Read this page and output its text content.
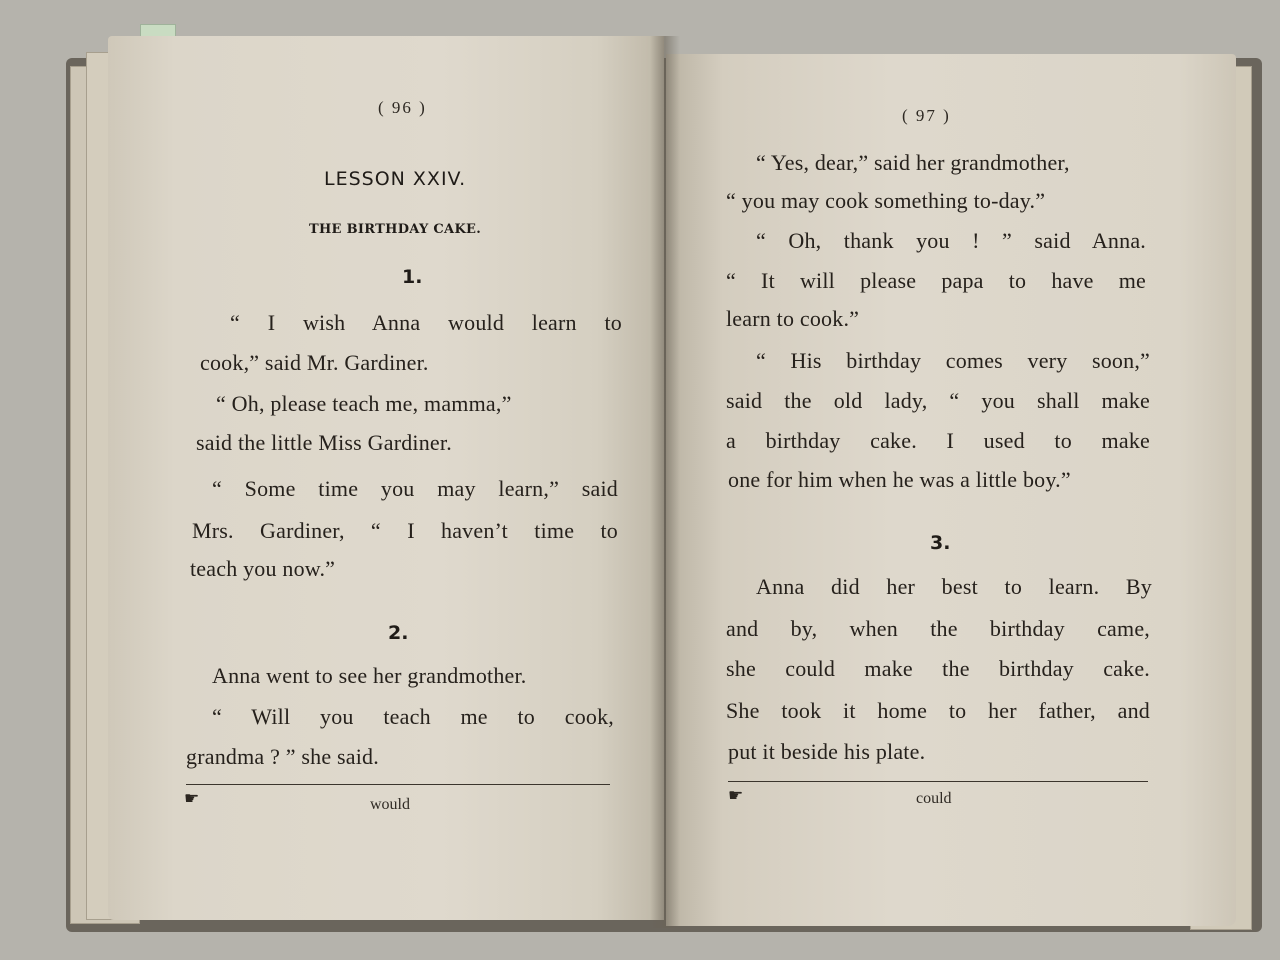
( 96 )
LESSON XXIV.
THE BIRTHDAY CAKE.
1.
“ I wish Anna would learn to
cook,” said Mr. Gardiner.
“ Oh, please teach me, mamma,”
said the little Miss Gardiner.
“ Some time you may learn,” said
Mrs. Gardiner, “ I haven’t time to
teach you now.”
2.
Anna went to see her grandmother.
“ Will you teach me to cook,
grandma ? ” she said.
☛	would
( 97 )
“ Yes, dear,” said her grandmother,
“ you may cook something to-day.”
“ Oh, thank you ! ” said Anna.
“ It will please papa to have me
learn to cook.”
“ His birthday comes very soon,”
said the old lady, “ you shall make
a birthday cake. I used to make
one for him when he was a little boy.”
3.
Anna did her best to learn. By
and by, when the birthday came,
she could make the birthday cake.
She took it home to her father, and
put it beside his plate.
☛	could
